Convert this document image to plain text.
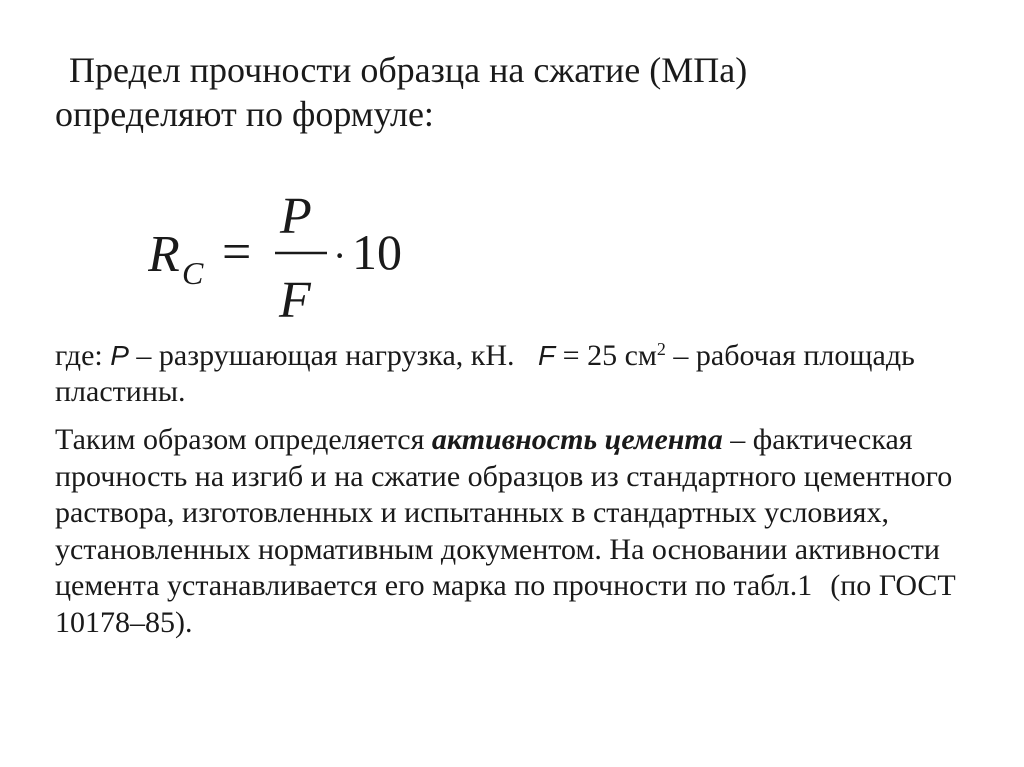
Предел прочности образца на сжатие (МПа)
определяют по формуле:

R С =
P
F
· 10

где: P – разрушающая нагрузка, кН. F = 25 $см^2$ – рабочая площадь пластины.

Таким образом определяется активность цемента – фактическая прочность на изгиб и на сжатие образцов из стандартного цементного раствора, изготовленных и испытанных в стандартных условиях, установленных нормативным документом. На основании активности цемента устанавливается его марка по прочности по табл.1 (по ГОСТ 10178–85).
